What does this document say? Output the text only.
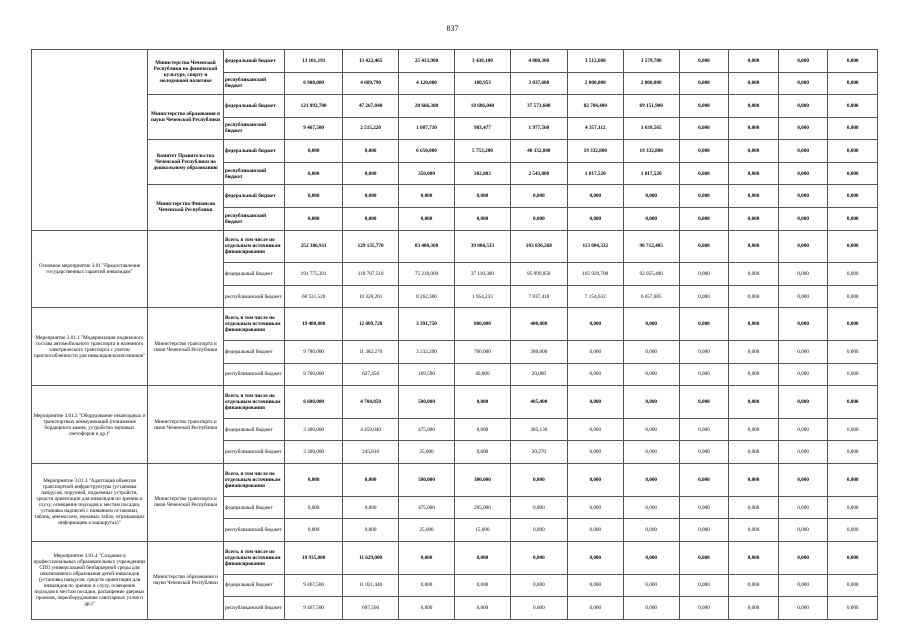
837
	Министерство Чеченской Республики по физической культуре, спорту и молодежной политике	федеральный бюджет	13 101,191	13 422,465	25 413,900	3 438,100	4 800,300	3 512,600	3 579,700	0,000	0,000	0,000	0,000
		республиканский бюджет	6 908,000	4 609,790	4 120,000	180,953	3 037,600	2 000,000	2 000,000	0,000	0,000	0,000	0,000
	Министерство образования и науки Чеченской Республики	федеральный бюджет	121 092,700	47 267,840	20 666,300	18 686,040	37 573,600	82 784,400	69 151,900	0,000	0,000	0,000	0,000
		республиканский бюджет	9 467,500	2 515,220	1 087,710	983,477	1 977,560	4 357,112	3 639,565	0,000	0,000	0,000	0,000
	Комитет Правительства Чеченской Республики по дошкольному образованию	федеральный бюджет	0,000	0,000	6 650,000	5 753,200	40 332,000	19 332,800	19 332,800	0,000	0,000	0,000	0,000
		республиканский бюджет	0,000	0,000	350,000	302,803	2 543,800	1 017,520	1 017,520	0,000	0,000	0,000	0,000
	Министерство Финансов Чеченской Республики	федеральный бюджет	0,000	0,000	0,000	0,000	0,000	0,000	0,000	0,000	0,000	0,000	0,000
		республиканский бюджет	0,000	0,000	0,000	0,000	0,000	0,000	0,000	0,000	0,000	0,000	0,000
Основное мероприятие 3.01 "Предоставление государственных гарантий инвалидам"		Всего, в том числе по отдельным источникам финансирования	252 386,911	129 135,770	83 480,300	39 084,533	103 836,268	113 084,332	98 712,485	0,000	0,000	0,000	0,000
		федеральный бюджет	191 775,391	118 767,510	75 218,000	37 110,300	95 999,850	105 929,700	92 055,400	0,000	0,000	0,000	0,000
		республиканский бюджет	60 531,520	10 328,261	8 262,300	1 954,233	7 837,418	7 154,632	6 657,085	0,000	0,000	0,000	0,000
Мероприятие 3.01.1 "Модернизация подвижного состава автомобильного транспорта и наземного электрического транспорта с учетом приспособленности для инвалидов-колясочников"	Министерство транспорта и связи Чеченской Республики	Всего, в том числе по отдельным источникам финансирования	19 480,000	12 009,720	3 391,750	800,000	400,000	0,000	0,000	0,000	0,000	0,000	0,000
		федеральный бюджет	9 780,000	11 382,270	3 232,290	760,000	380,000	0,000	0,000	0,000	0,000	0,000	0,000
		республиканский бюджет	9 700,000	627,450	169,590	40,000	20,000	0,000	0,000	0,000	0,000	0,000	0,000
Мероприятие 3.01.2 "Оборудование пешеходных и транспортных коммуникаций (понижение бордюрного камня, устройство звуковых светофоров и др.)"	Министерство транспорта и связи Чеченской Республики	Всего, в том числе по отдельным источникам финансирования	6 600,000	4 704,850	500,000	0,000	405,400	0,000	0,000	0,000	0,000	0,000	0,000
		федеральный бюджет	3 300,000	4 459,040	475,000	0,000	385,130	0,000	0,000	0,000	0,000	0,000	0,000
		республиканский бюджет	3 300,000	245,810	25,000	0,000	20,270	0,000	0,000	0,000	0,000	0,000	0,000
Мероприятие 3.01.3 "Адаптация объектов транспортной инфраструктуры (установка пандусов, поручней, подъемных устройств, средств ориентации для инвалидов по зрению и слуху, освещение подходов к местам посадки, установка надписей с названием остановки, таблиц, мнемосхем, звуковых табло, отражающих информацию о маршрутах)"	Министерство транспорта и связи Чеченской Республики	Всего, в том числе по отдельным источникам финансирования	0,000	0,000	500,000	300,000	0,000	0,000	0,000	0,000	0,000	0,000	0,000
		федеральный бюджет	0,000	0,000	475,000	285,000	0,000	0,000	0,000	0,000	0,000	0,000	0,000
		республиканский бюджет	0,000	0,000	25,000	15,000	0,000	0,000	0,000	0,000	0,000	0,000	0,000
Мероприятие 3.01.4 "Создание в профессиональных образовательных учреждениях СПО универсальной безбарьерной среды для инклюзивного образования детей-инвалидов (установка пандусов, средств ориентации для инвалидов по зрению и слуху, освещение подходов к местам посадки, расширение дверных проемов, переоборудование санитарных узлов и др.)"	Министерство образования и науки Чеченской Республики	Всего, в том числе по отдельным источникам финансирования	18 935,000	11 629,000	0,000	0,000	0,000	0,000	0,000	0,000	0,000	0,000	0,000
		федеральный бюджет	9 467,500	11 021,440	0,000	0,000	0,000	0,000	0,000	0,000	0,000	0,000	0,000
		республиканский бюджет	9 467,500	607,560	0,000	0,000	0,000	0,000	0,000	0,000	0,000	0,000	0,000
